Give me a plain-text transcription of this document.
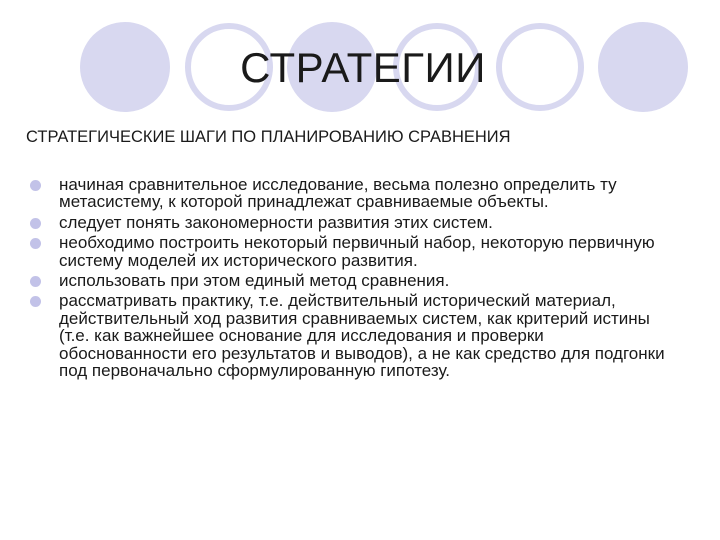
СТРАТЕГИИ

СТРАТЕГИЧЕСКИЕ ШАГИ ПО ПЛАНИРОВАНИЮ СРАВНЕНИЯ

начиная сравнительное исследование, весьма полезно определить ту метасистему, к которой принадлежат сравниваемые объекты.
следует понять закономерности развития этих систем.
необходимо построить некоторый первичный набор, некоторую первичную систему моделей их исторического развития.
использовать при этом единый метод сравнения.
рассматривать практику, т.е. действительный исторический материал, действительный ход развития сравниваемых систем, как критерий истины (т.е. как важнейшее основание для исследования и проверки обоснованности его результатов и выводов), а не как средство для подгонки под первоначально сформулированную гипотезу.
